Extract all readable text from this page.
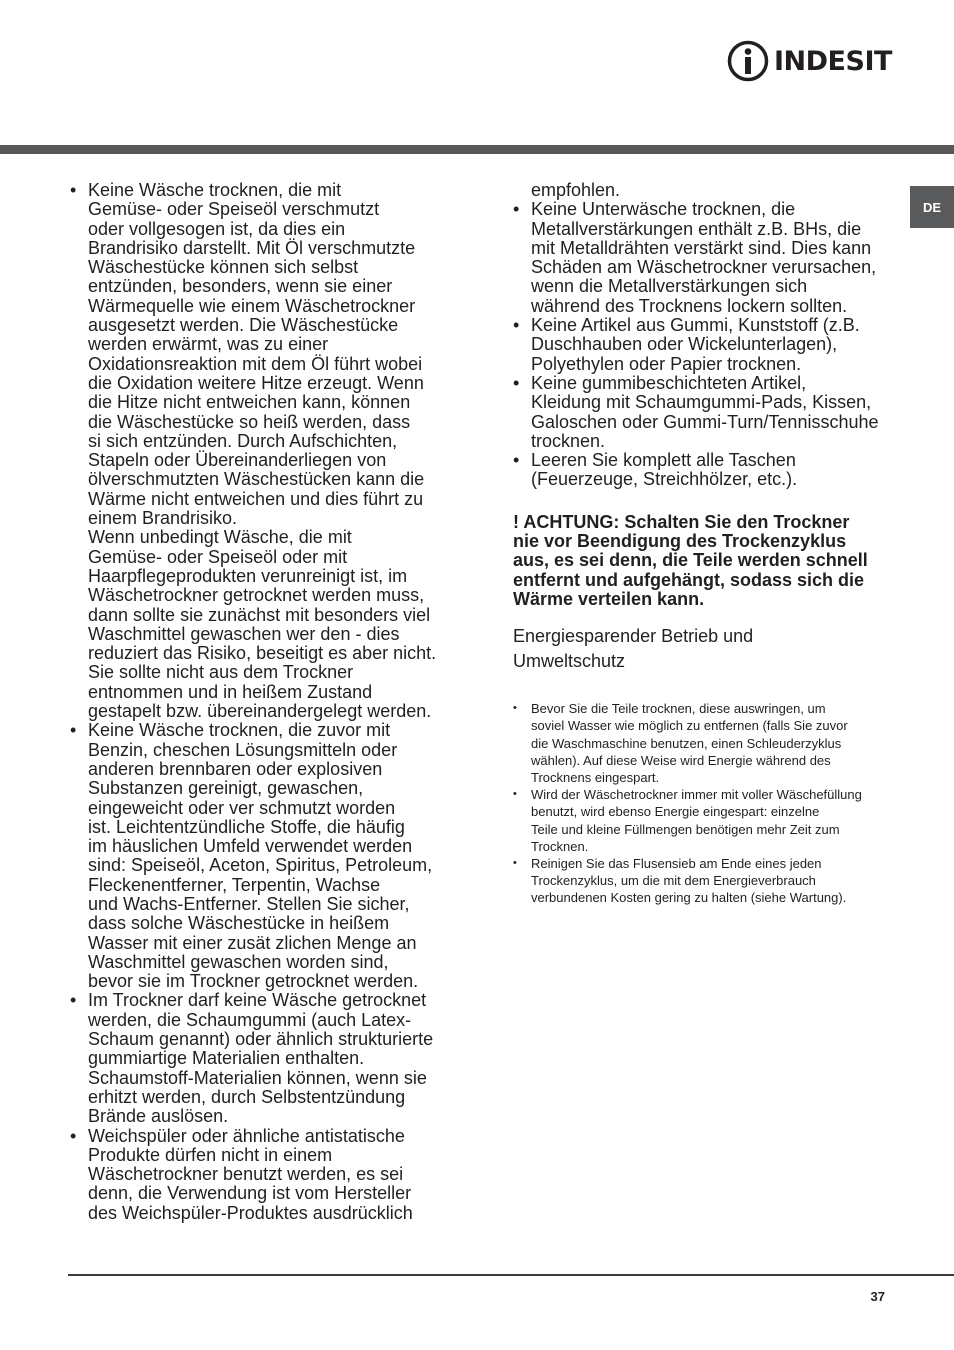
INDESIT
DE
• Keine Wäsche trocknen, die mit
Gemüse- oder Speiseöl verschmutzt
oder vollgesogen ist, da dies ein
Brandrisiko darstellt. Mit Öl verschmutzte
Wäschestücke können sich selbst
entzünden, besonders, wenn sie einer
Wärmequelle wie einem Wäschetrockner
ausgesetzt werden. Die Wäschestücke
werden erwärmt, was zu einer
Oxidationsreaktion mit dem Öl führt wobei
die Oxidation weitere Hitze erzeugt. Wenn
die Hitze nicht entweichen kann, können
die Wäschestücke so heiß werden, dass
si sich entzünden. Durch Aufschichten,
Stapeln oder Übereinanderliegen von
ölverschmutzten Wäschestücken kann die
Wärme nicht entweichen und dies führt zu
einem Brandrisiko.
Wenn unbedingt Wäsche, die mit
Gemüse- oder Speiseöl oder mit
Haarpflegeprodukten verunreinigt ist, im
Wäschetrockner getrocknet werden muss,
dann sollte sie zunächst mit besonders viel
Waschmittel gewaschen wer den - dies
reduziert das Risiko, beseitigt es aber nicht.
Sie sollte nicht aus dem Trockner
entnommen und in heißem Zustand
gestapelt bzw. übereinandergelegt werden.
• Keine Wäsche trocknen, die zuvor mit
Benzin, cheschen Lösungsmitteln oder
anderen brennbaren oder explosiven
Substanzen gereinigt, gewaschen,
eingeweicht oder ver schmutzt worden
ist. Leichtentzündliche Stoffe, die häufig
im häuslichen Umfeld verwendet werden
sind: Speiseöl, Aceton, Spiritus, Petroleum,
Fleckenentferner, Terpentin, Wachse
und Wachs-Entferner. Stellen Sie sicher,
dass solche Wäschestücke in heißem
Wasser mit einer zusät zlichen Menge an
Waschmittel gewaschen worden sind,
bevor sie im Trockner getrocknet werden.
• Im Trockner darf keine Wäsche getrocknet
werden, die Schaumgummi (auch Latex-
Schaum genannt) oder ähnlich strukturierte
gummiartige Materialien enthalten.
Schaumstoff-Materialien können, wenn sie
erhitzt werden, durch Selbstentzündung
Brände auslösen.
• Weichspüler oder ähnliche antistatische
Produkte dürfen nicht in einem
Wäschetrockner benutzt werden, es sei
denn, die Verwendung ist vom Hersteller
des Weichspüler-Produktes ausdrücklich
empfohlen.
• Keine Unterwäsche trocknen, die
Metallverstärkungen enthält z.B. BHs, die
mit Metalldrähten verstärkt sind. Dies kann
Schäden am Wäschetrockner verursachen,
wenn die Metallverstärkungen sich
während des Trocknens lockern sollten.
• Keine Artikel aus Gummi, Kunststoff (z.B.
Duschhauben oder Wickelunterlagen),
Polyethylen oder Papier trocknen.
• Keine gummibeschichteten Artikel,
Kleidung mit Schaumgummi-Pads, Kissen,
Galoschen oder Gummi-Turn/Tennisschuhe
trocknen.
• Leeren Sie komplett alle Taschen
(Feuerzeuge, Streichhölzer, etc.).
! ACHTUNG: Schalten Sie den Trockner
nie vor Beendigung des Trockenzyklus
aus, es sei denn, die Teile werden schnell
entfernt und aufgehängt, sodass sich die
Wärme verteilen kann.
Energiesparender Betrieb und
Umweltschutz
• Bevor Sie die Teile trocknen, diese auswringen, um
soviel Wasser wie möglich zu entfernen (falls Sie zuvor
die Waschmaschine benutzen, einen Schleuderzyklus
wählen). Auf diese Weise wird Energie während des
Trocknens eingespart.
• Wird der Wäschetrockner immer mit voller Wäschefüllung
benutzt, wird ebenso Energie eingespart: einzelne
Teile und kleine Füllmengen benötigen mehr Zeit zum
Trocknen.
• Reinigen Sie das Flusensieb am Ende eines jeden
Trockenzyklus, um die mit dem Energieverbrauch
verbundenen Kosten gering zu halten (siehe Wartung).
37
